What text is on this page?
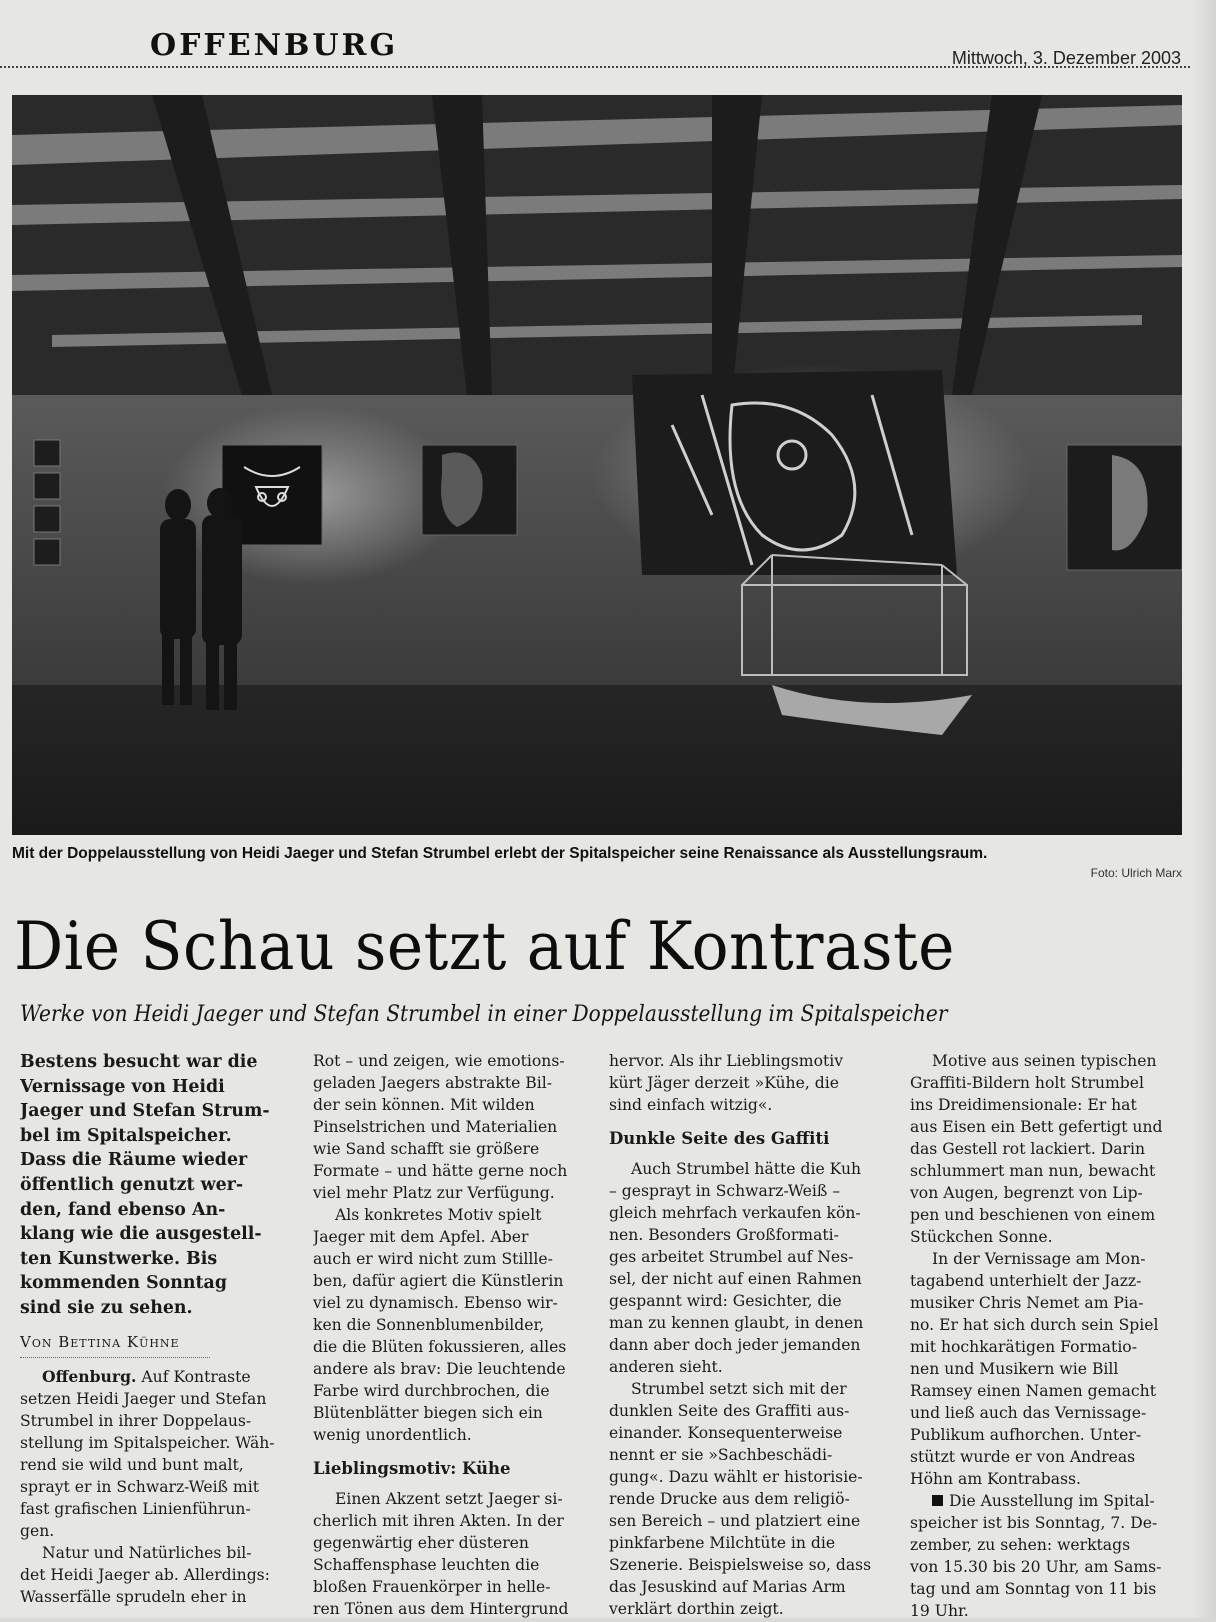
OFFENBURG	Mittwoch, 3. Dezember 2003
Mit der Doppelausstellung von Heidi Jaeger und Stefan Strumbel erlebt der Spitalspeicher seine Renaissance als Ausstellungsraum.
Foto: Ulrich Marx
Die Schau setzt auf Kontraste
Werke von Heidi Jaeger und Stefan Strumbel in einer Doppelausstellung im Spitalspeicher
Bestens besucht war die
Vernissage von Heidi
Jaeger und Stefan Strum-
bel im Spitalspeicher.
Dass die Räume wieder
öffentlich genutzt wer-
den, fand ebenso An-
klang wie die ausgestell-
ten Kunstwerke. Bis
kommenden Sonntag
sind sie zu sehen.
Von Bettina Kühne
Offenburg. Auf Kontraste
setzen Heidi Jaeger und Stefan
Strumbel in ihrer Doppelaus-
stellung im Spitalspeicher. Wäh-
rend sie wild und bunt malt,
sprayt er in Schwarz-Weiß mit
fast grafischen Linienführun-
gen.
Natur und Natürliches bil-
det Heidi Jaeger ab. Allerdings:
Wasserfälle sprudeln eher in
Rot – und zeigen, wie emotions-
geladen Jaegers abstrakte Bil-
der sein können. Mit wilden
Pinselstrichen und Materialien
wie Sand schafft sie größere
Formate – und hätte gerne noch
viel mehr Platz zur Verfügung.
Als konkretes Motiv spielt
Jaeger mit dem Apfel. Aber
auch er wird nicht zum Stillle-
ben, dafür agiert die Künstlerin
viel zu dynamisch. Ebenso wir-
ken die Sonnenblumenbilder,
die die Blüten fokussieren, alles
andere als brav: Die leuchtende
Farbe wird durchbrochen, die
Blütenblätter biegen sich ein
wenig unordentlich.
Lieblingsmotiv: Kühe
Einen Akzent setzt Jaeger si-
cherlich mit ihren Akten. In der
gegenwärtig eher düsteren
Schaffensphase leuchten die
bloßen Frauenkörper in helle-
ren Tönen aus dem Hintergrund
hervor. Als ihr Lieblingsmotiv
kürt Jäger derzeit »Kühe, die
sind einfach witzig«.
Dunkle Seite des Gaffiti
Auch Strumbel hätte die Kuh
– gesprayt in Schwarz-Weiß –
gleich mehrfach verkaufen kön-
nen. Besonders Großformati-
ges arbeitet Strumbel auf Nes-
sel, der nicht auf einen Rahmen
gespannt wird: Gesichter, die
man zu kennen glaubt, in denen
dann aber doch jeder jemanden
anderen sieht.
Strumbel setzt sich mit der
dunklen Seite des Graffiti aus-
einander. Konsequenterweise
nennt er sie »Sachbeschädi-
gung«. Dazu wählt er historisie-
rende Drucke aus dem religiö-
sen Bereich – und platziert eine
pinkfarbene Milchtüte in die
Szenerie. Beispielsweise so, dass
das Jesuskind auf Marias Arm
verklärt dorthin zeigt.
Motive aus seinen typischen
Graffiti-Bildern holt Strumbel
ins Dreidimensionale: Er hat
aus Eisen ein Bett gefertigt und
das Gestell rot lackiert. Darin
schlummert man nun, bewacht
von Augen, begrenzt von Lip-
pen und beschienen von einem
Stückchen Sonne.
In der Vernissage am Mon-
tagabend unterhielt der Jazz-
musiker Chris Nemet am Pia-
no. Er hat sich durch sein Spiel
mit hochkarätigen Formatio-
nen und Musikern wie Bill
Ramsey einen Namen gemacht
und ließ auch das Vernissage-
Publikum aufhorchen. Unter-
stützt wurde er von Andreas
Höhn am Kontrabass.
Die Ausstellung im Spital-
speicher ist bis Sonntag, 7. De-
zember, zu sehen: werktags
von 15.30 bis 20 Uhr, am Sams-
tag und am Sonntag von 11 bis
19 Uhr.
